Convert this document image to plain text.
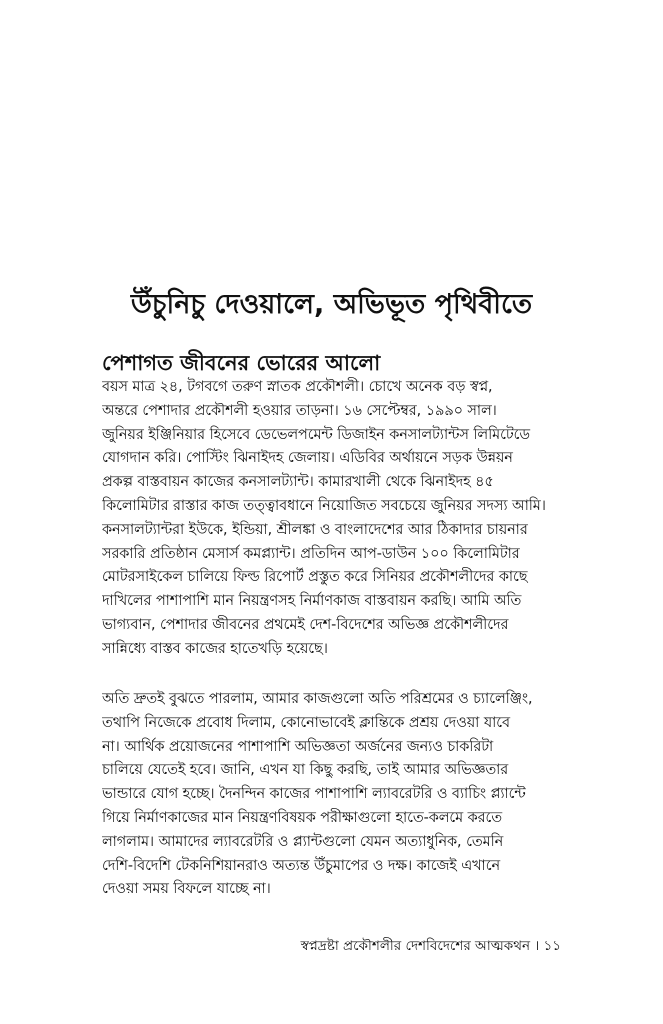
উঁচুনিচু দেওয়ালে, অভিভূত পৃথিবীতে
পেশাগত জীবনের ভোরের আলো

বয়স মাত্র ২৪, টগবগে তরুণ স্নাতক প্রকৌশলী। চোখে অনেক বড় স্বপ্ন,
অন্তরে পেশাদার প্রকৌশলী হওয়ার তাড়না। ১৬ সেপ্টেম্বর, ১৯৯০ সাল।
জুনিয়র ইঞ্জিনিয়ার হিসেবে ডেভেলপমেন্ট ডিজাইন কনসালট্যান্টস লিমিটেডে
যোগদান করি। পোস্টিং ঝিনাইদহ জেলায়। এডিবির অর্থায়নে সড়ক উন্নয়ন
প্রকল্প বাস্তবায়ন কাজের কনসালট্যান্ট। কামারখালী থেকে ঝিনাইদহ ৪৫
কিলোমিটার রাস্তার কাজ তত্ত্বাবধানে নিয়োজিত সবচেয়ে জুনিয়র সদস্য আমি।
কনসালট্যান্টরা ইউকে, ইন্ডিয়া, শ্রীলঙ্কা ও বাংলাদেশের আর ঠিকাদার চায়নার
সরকারি প্রতিষ্ঠান মেসার্স কমপ্ল্যান্ট। প্রতিদিন আপ-ডাউন ১০০ কিলোমিটার
মোটরসাইকেল চালিয়ে ফিল্ড রিপোর্ট প্রস্তুত করে সিনিয়র প্রকৌশলীদের কাছে
দাখিলের পাশাপাশি মান নিয়ন্ত্রণসহ নির্মাণকাজ বাস্তবায়ন করছি। আমি অতি
ভাগ্যবান, পেশাদার জীবনের প্রথমেই দেশ-বিদেশের অভিজ্ঞ প্রকৌশলীদের
সান্নিধ্যে বাস্তব কাজের হাতেখড়ি হয়েছে।

অতি দ্রুতই বুঝতে পারলাম, আমার কাজগুলো অতি পরিশ্রমের ও চ্যালেঞ্জিং,
তথাপি নিজেকে প্রবোধ দিলাম, কোনোভাবেই ক্লান্তিকে প্রশ্রয় দেওয়া যাবে
না। আর্থিক প্রয়োজনের পাশাপাশি অভিজ্ঞতা অর্জনের জন্যও চাকরিটা
চালিয়ে যেতেই হবে। জানি, এখন যা কিছু করছি, তাই আমার অভিজ্ঞতার
ভান্ডারে যোগ হচ্ছে। দৈনন্দিন কাজের পাশাপাশি ল্যাবরেটরি ও ব্যাচিং প্ল্যান্টে
গিয়ে নির্মাণকাজের মান নিয়ন্ত্রণবিষয়ক পরীক্ষাগুলো হাতে-কলমে করতে
লাগলাম। আমাদের ল্যাবরেটরি ও প্ল্যান্টগুলো যেমন অত্যাধুনিক, তেমনি
দেশি-বিদেশি টেকনিশিয়ানরাও অত্যন্ত উঁচুমাপের ও দক্ষ। কাজেই এখানে
দেওয়া সময় বিফলে যাচ্ছে না।

স্বপ্নদ্রষ্টা প্রকৌশলীর দেশবিদেশের আত্মকথন । ১১
